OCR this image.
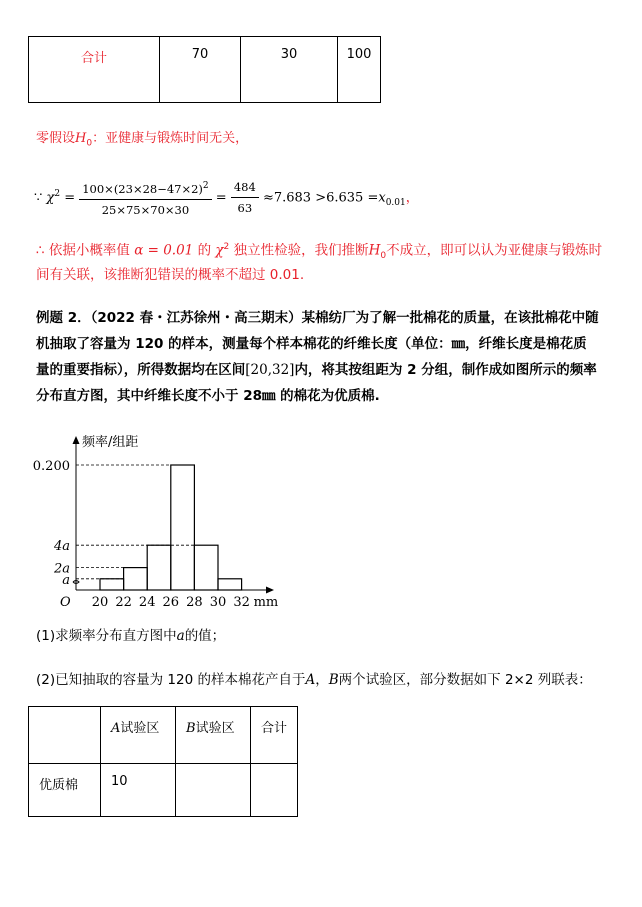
合计	70	30	100
零假设$H_0$：亚健康与锻炼时间无关，
∵ $\chi^2 = \frac{100\times(23\times 28-47\times 2)^2}{25\times 75\times 70\times 30} = \frac{484}{63} \approx 7.683 >6.635 =x_{0.01}$，
∴ 依据小概率值 α = 0.01 的 $\chi^2$ 独立性检验，我们推断$H_0$不成立，即可以认为亚健康与锻炼时
间有关联，该推断犯错误的概率不超过 0.01.
例题 2．（2022 春・江苏徐州・高三期末）某棉纺厂为了解一批棉花的质量，在该批棉花中随
机抽取了容量为 120 的样本，测量每个样本棉花的纤维长度（单位：㎜，纤维长度是棉花质
量的重要指标），所得数据均在区间[20,32]内，将其按组距为 2 分组，制作成如图所示的频率
分布直方图，其中纤维长度不小于 28㎜ 的棉花为优质棉.
a
2a
4a
0.200
频率/组距
20 22 24 26 28 30 32 mm
O
(1)求频率分布直方图中a的值；
(2)已知抽取的容量为 120 的样本棉花产自于A，B两个试验区，部分数据如下 2×2 列联表：
	A试验区	B试验区	合计
优质棉	10		
